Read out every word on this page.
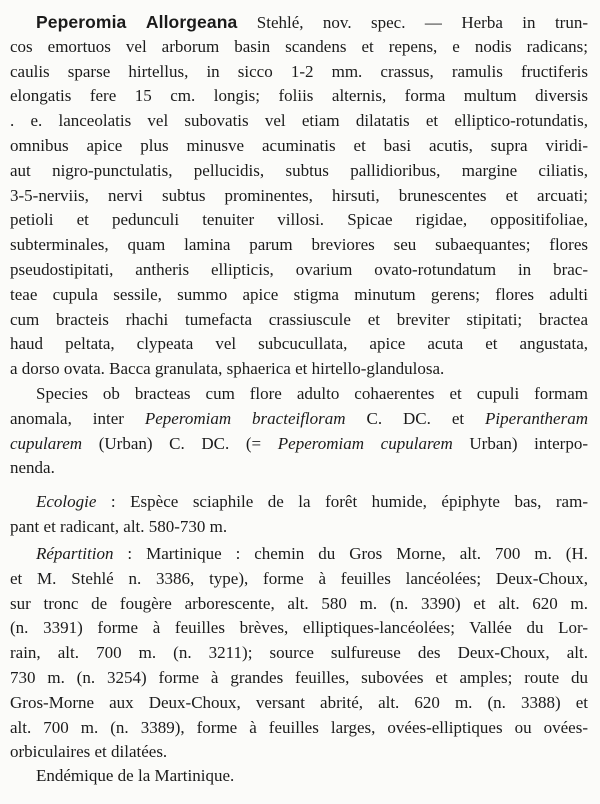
Peperomia Allorgeana Stehlé, nov. spec. — Herba in trun-
cos emortuos vel arborum basin scandens et repens, e nodis radicans;
caulis sparse hirtellus, in sicco 1-2 mm. crassus, ramulis fructiferis
elongatis fere 15 cm. longis; foliis alternis, forma multum diversis
. e. lanceolatis vel subovatis vel etiam dilatatis et elliptico-rotundatis,
omnibus apice plus minusve acuminatis et basi acutis, supra viridi-
aut nigro-punctulatis, pellucidis, subtus pallidioribus, margine ciliatis,
3-5-nerviis, nervi subtus prominentes, hirsuti, brunescentes et arcuati;
petioli et pedunculi tenuiter villosi. Spicae rigidae, oppositifoliae,
subterminales, quam lamina parum breviores seu subaequantes; flores
pseudostipitati, antheris ellipticis, ovarium ovato-rotundatum in brac-
teae cupula sessile, summo apice stigma minutum gerens; flores adulti
cum bracteis rhachi tumefacta crassiuscule et breviter stipitati; bractea
haud peltata, clypeata vel subcucullata, apice acuta et angustata,
a dorso ovata. Bacca granulata, sphaerica et hirtello-glandulosa.
Species ob bracteas cum flore adulto cohaerentes et cupuli formam
anomala, inter Peperomiam bracteifloram C. DC. et Piperantheram
cupularem (Urban) C. DC. (= Peperomiam cupularem Urban) interpo-
nenda.
Ecologie : Espèce sciaphile de la forêt humide, épiphyte bas, ram-
pant et radicant, alt. 580-730 m.
Répartition : Martinique : chemin du Gros Morne, alt. 700 m. (H.
et M. Stehlé n. 3386, type), forme à feuilles lancéolées; Deux-Choux,
sur tronc de fougère arborescente, alt. 580 m. (n. 3390) et alt. 620 m.
(n. 3391) forme à feuilles brèves, elliptiques-lancéolées; Vallée du Lor-
rain, alt. 700 m. (n. 3211); source sulfureuse des Deux-Choux, alt.
730 m. (n. 3254) forme à grandes feuilles, subovées et amples; route du
Gros-Morne aux Deux-Choux, versant abrité, alt. 620 m. (n. 3388) et
alt. 700 m. (n. 3389), forme à feuilles larges, ovées-elliptiques ou ovées-
orbiculaires et dilatées.
Endémique de la Martinique.
